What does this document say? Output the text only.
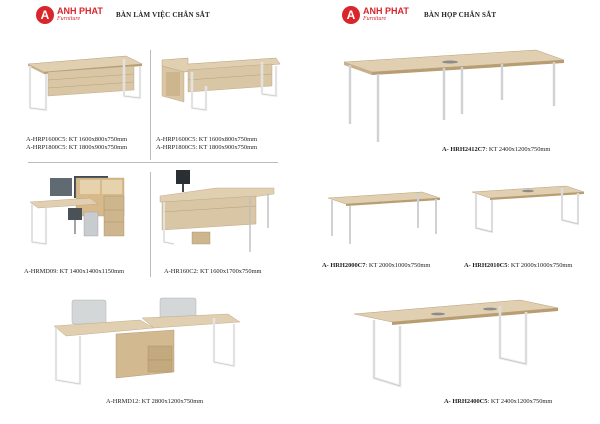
A ANH PHAT
Furniture	BÀN LÀM VIỆC CHÂN SẮT	A ANH PHAT
Furniture	BÀN HỌP CHÂN SẮT
A-HRP1600C5: KT 1600x800x750mm
A-HRP1800C5: KT 1800x900x750mm
A-HRP1600C5: KT 1600x800x750mm
A-HRP1800C5: KT 1800x900x750mm
A-HRMD09: KT 1400x1400x1150mm	A-HR160C2: KT 1600x1700x750mm
A-HRMD12: KT 2800x1200x750mm
A- HRH2412C7: KT 2400x1200x750mm
A- HRH2000C7: KT 2000x1000x750mm	A- HRH2010C5: KT 2000x1000x750mm
A- HRH2400C5: KT 2400x1200x750mm
